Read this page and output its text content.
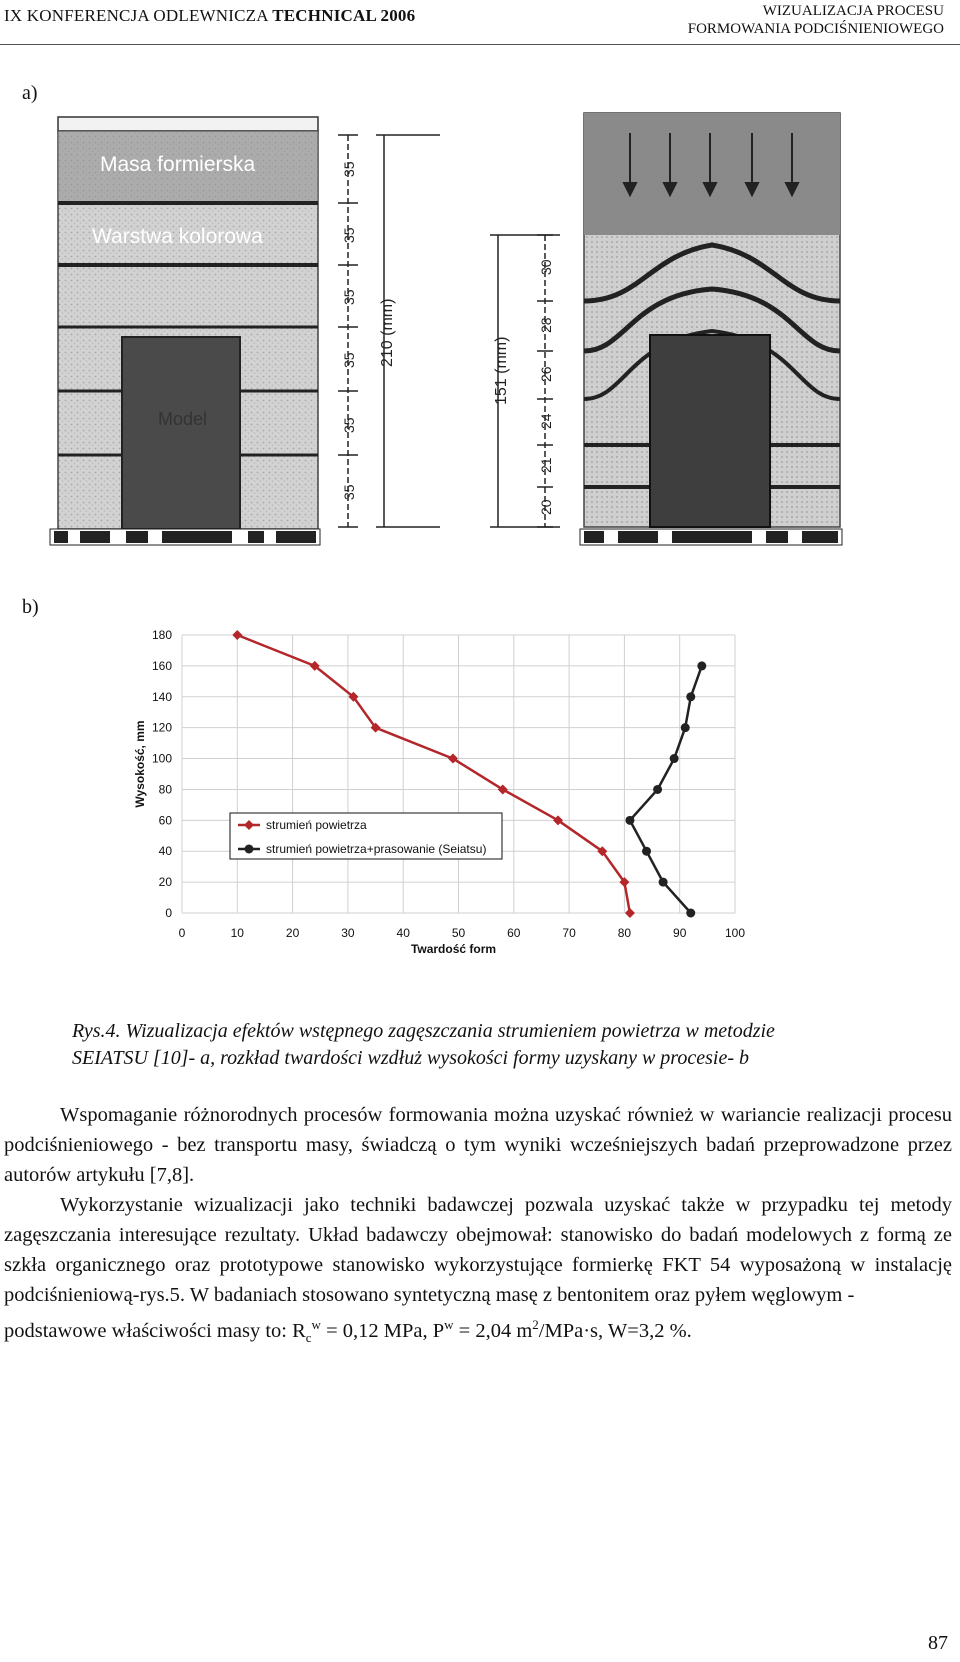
IX KONFERENCJA ODLEWNICZA TECHNICAL 2006	WIZUALIZACJA PROCESU
FORMOWANIA PODCIŚNIENIOWEGO
a)
Masa formierska
Warstwa kolorowa
Model
35
35
35
35
35
35
210 (mm)
30
28
26
24
21
20
151 (mm)
b)
0
20
40
60
80
100
120
140
160
180
0	10	20	30	40	50	60	70	80	90	100
Wysokość, mm
Twardość form
strumień powietrza
strumień powietrza+prasowanie (Seiatsu)
Rys.4. Wizualizacja efektów wstępnego zagęszczania strumieniem powietrza w metodzie
SEIATSU [10]- a, rozkład twardości wzdłuż wysokości formy uzyskany w procesie- b

Wspomaganie różnorodnych procesów formowania można uzyskać również w wariancie realizacji procesu podciśnieniowego - bez transportu masy, świadczą o tym wyniki wcześniejszych badań przeprowadzone przez autorów artykułu [7,8].

Wykorzystanie wizualizacji jako techniki badawczej pozwala uzyskać także w przypadku tej metody zagęszczania interesujące rezultaty. Układ badawczy obejmował: stanowisko do badań modelowych z formą ze szkła organicznego oraz prototypowe stanowisko wykorzystujące formierkę FKT 54 wyposażoną w instalację podciśnieniową-rys.5. W badaniach stosowano syntetyczną masę z bentonitem oraz pyłem węglowym -

podstawowe właściwości masy to: $R_c^w = 0,12$ MPa, $P^w = 2,04$ $m^2/MPa\cdot s$, W=3,2 %.

87
